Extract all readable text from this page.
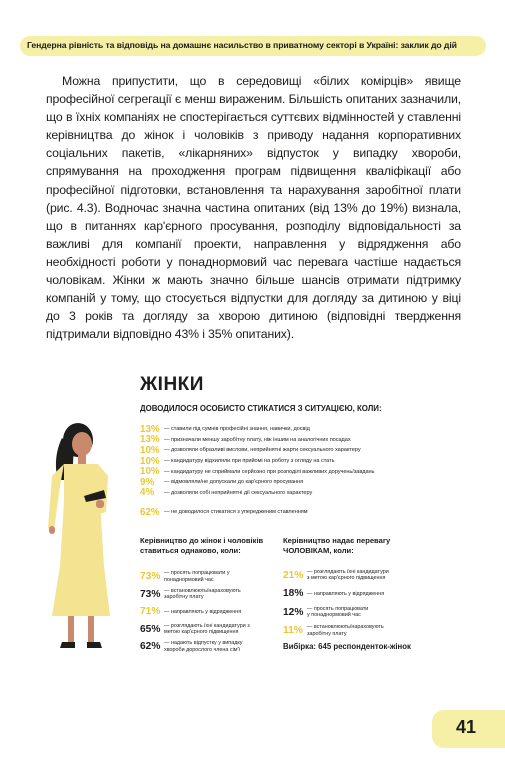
Гендерна рівність та відповідь на домашнє насильство в приватному секторі в Україні: заклик до дій

Можна припустити, що в середовищі «білих комірців» явище професійної сегрегації є менш вираженим. Більшість опитаних зазначили, що в їхніх компаніях не спостерігається суттєвих відмінностей у ставленні керівництва до жінок і чоловіків з приводу надання корпоративних соціальних пакетів, «лікарняних» відпусток у випадку хвороби, спрямування на проходження програм підвищення кваліфікації або професійної підготовки, встановлення та нарахування заробітної плати (рис. 4.3). Водночас значна частина опитаних (від 13% до 19%) визнала, що в питаннях кар'єрного просування, розподілу відповідальності за важливі для компанії проекти, направлення у відрядження або необхідності роботи у понаднормовий час перевага частіше надається чоловікам. Жінки ж мають значно більше шансів отримати підтримку компаній у тому, що стосується відпустки для догляду за дитиною у віці до 3 років та догляду за хворою дитиною (відповідні твердження підтримали відповідно 43% і 35% опитаних).

ЖІНКИ
ДОВОДИЛОСЯ ОСОБИСТО СТИКАТИСЯ З СИТУАЦІЄЮ, КОЛИ:
13% — ставили під сумнів професійні знання, навички, досвід
13% — призначали меншу заробітну плату, ніж іншим на аналогічних посадах
10% — дозволяли образливі вислови, неприйнятні жарти сексуального характеру
10% — кандидатуру відхиляли при прийомі на роботу з огляду на стать
10% — кандидатуру не сприймали серйозно при розподілі важливих доручень/завдань
9%	— відмовляли/не допускали до кар'єрного просування
4%	— дозволяли собі неприйнятні дії сексуального характеру
62% — не доводилося стикатися з упередженим ставленням
Керівництво до жінок і чоловіків
ставиться однаково, коли:
Керівництво надає перевагу
ЧОЛОВІКАМ, коли:
73% — просять попрацювати у
понаднормовий час
73% — встановлюють/нараховують
заробітну плату
71% — направляють у відрядження
65% — розглядають їхні кандидатури з
метою кар'єрного підвищення
62% — надають відпустку у випадку
хвороби дорослого члена сім'ї
21% — розглядають їхні кандидатури
з метою кар'єрного підвищення
18% — направляють у відрядження
12% — просять попрацювати
у понаднормовий час
11% — встановлюють/нараховують
заробітну плату
Вибірка: 645 респонденток-жінок
41
